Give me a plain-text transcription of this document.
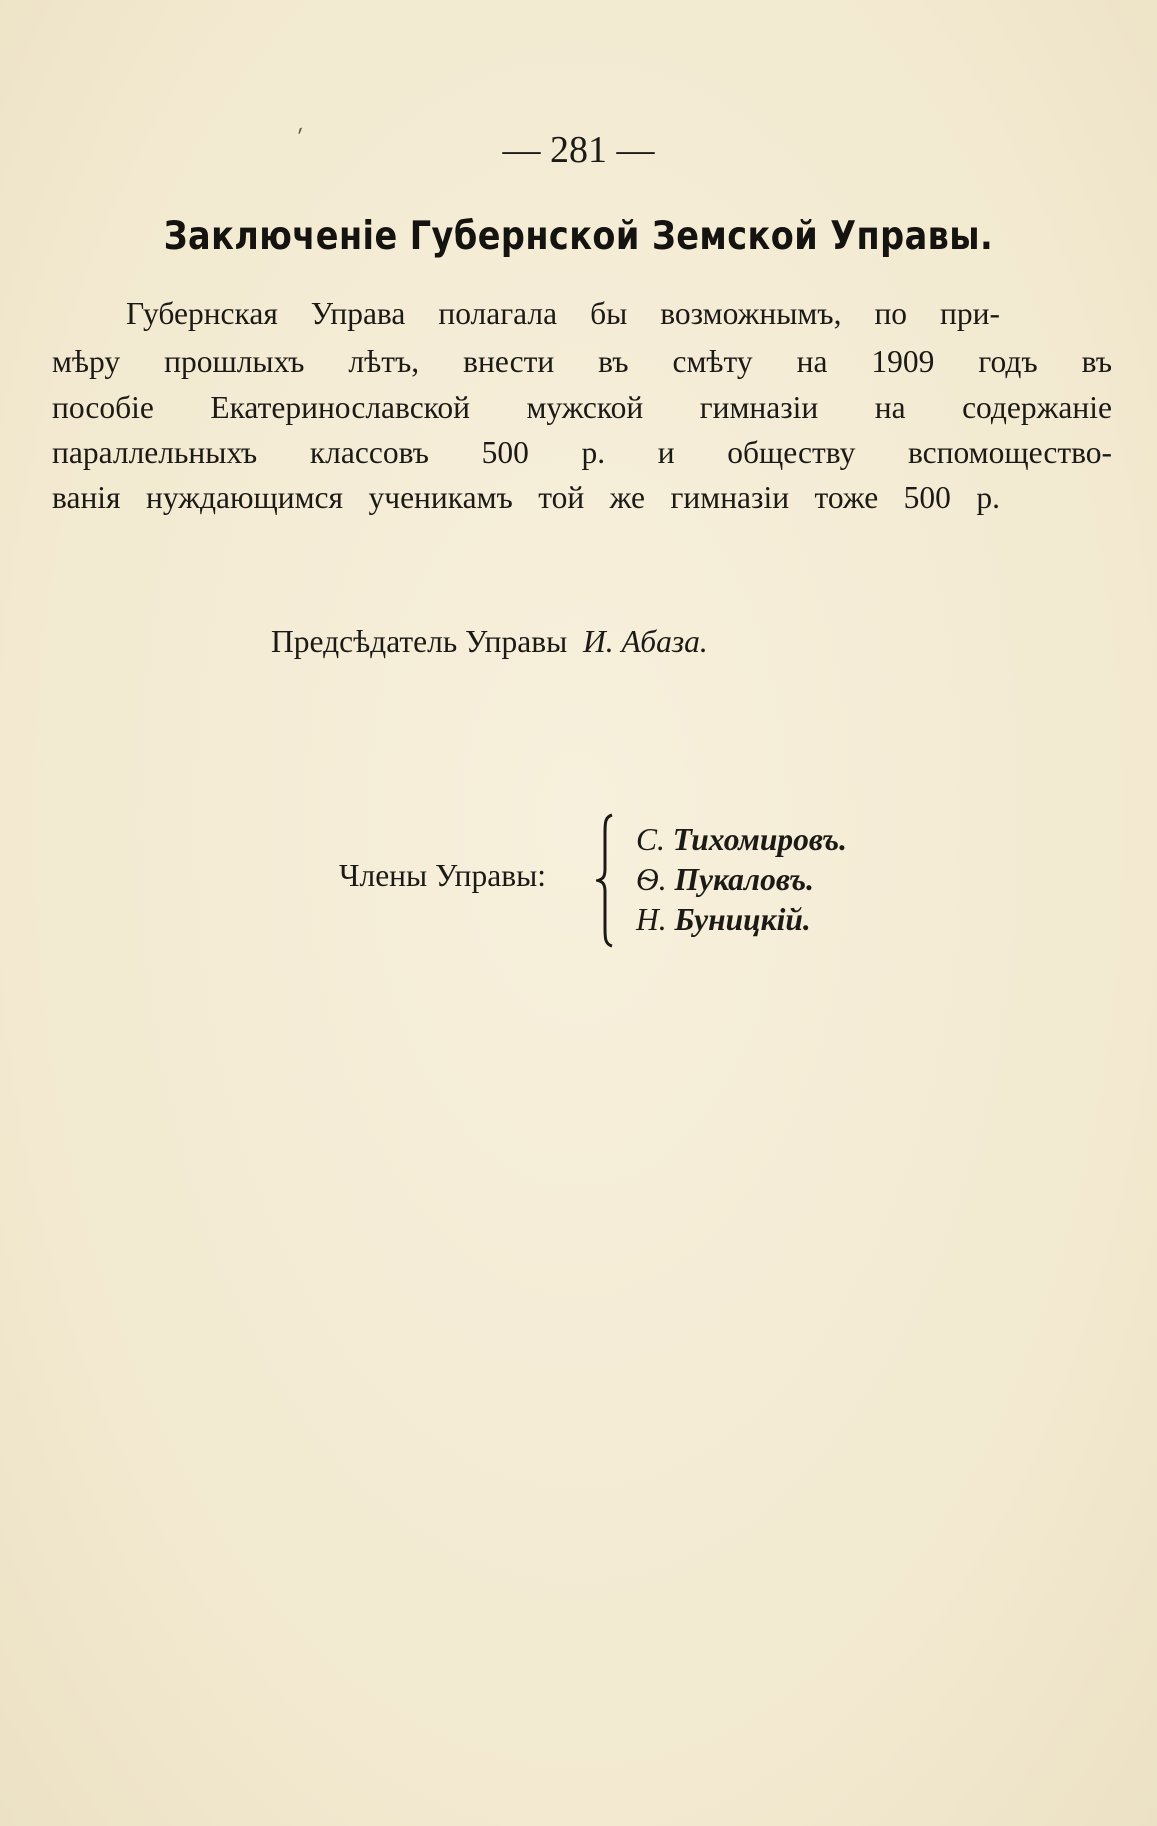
´	— 281 —
Заключеніе Губернской Земской Управы.
Губернская Управа полагала бы возможнымъ, по при-
мѣру прошлыхъ лѣтъ, внести въ смѣту на 1909 годъ въ
пособіе Екатеринославской мужской гимназіи на содержаніе
параллельныхъ классовъ 500 р. и обществу вспомощество-
ванія нуждающимся ученикамъ той же гимназіи тоже 500 р.
Предсѣдатель Управы И. Абаза.
Члены Управы:
С. Тихомировъ.
Ѳ. Пукаловъ.
Н. Буницкій.
